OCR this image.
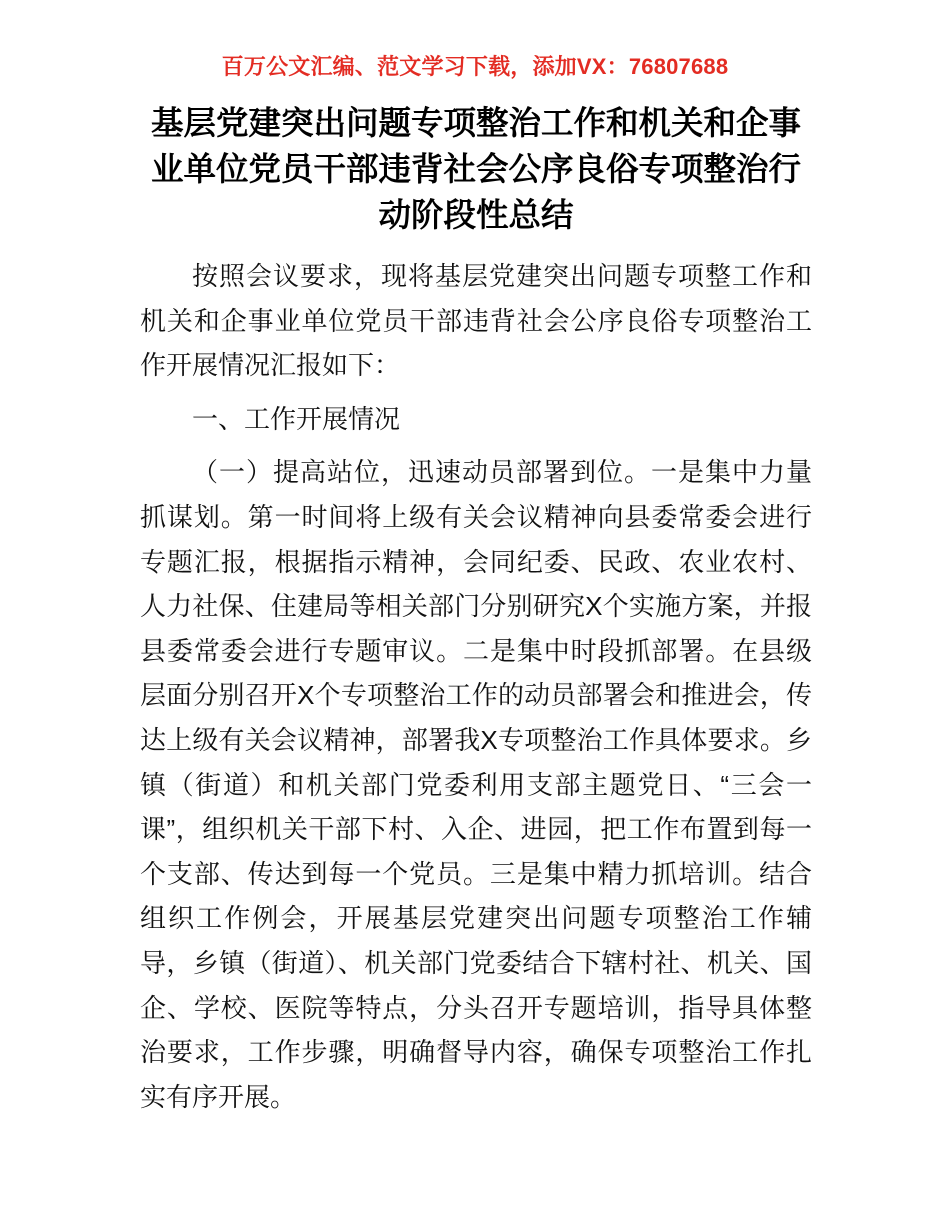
百万公文汇编、范文学习下载，添加VX：76807688
基层党建突出问题专项整治工作和机关和企事业单位党员干部违背社会公序良俗专项整治行动阶段性总结

按照会议要求，现将基层党建突出问题专项整工作和机关和企事业单位党员干部违背社会公序良俗专项整治工作开展情况汇报如下：

一、工作开展情况

（一）提高站位，迅速动员部署到位。一是集中力量抓谋划。第一时间将上级有关会议精神向县委常委会进行专题汇报，根据指示精神，会同纪委、民政、农业农村、人力社保、住建局等相关部门分别研究X个实施方案，并报县委常委会进行专题审议。二是集中时段抓部署。在县级层面分别召开X个专项整治工作的动员部署会和推进会，传达上级有关会议精神，部署我X专项整治工作具体要求。乡镇（街道）和机关部门党委利用支部主题党日、“三会一课”，组织机关干部下村、入企、进园，把工作布置到每一个支部、传达到每一个党员。三是集中精力抓培训。结合组织工作例会，开展基层党建突出问题专项整治工作辅导，乡镇（街道）、机关部门党委结合下辖村社、机关、国企、学校、医院等特点，分头召开专题培训，指导具体整治要求，工作步骤，明确督导内容，确保专项整治工作扎实有序开展。
